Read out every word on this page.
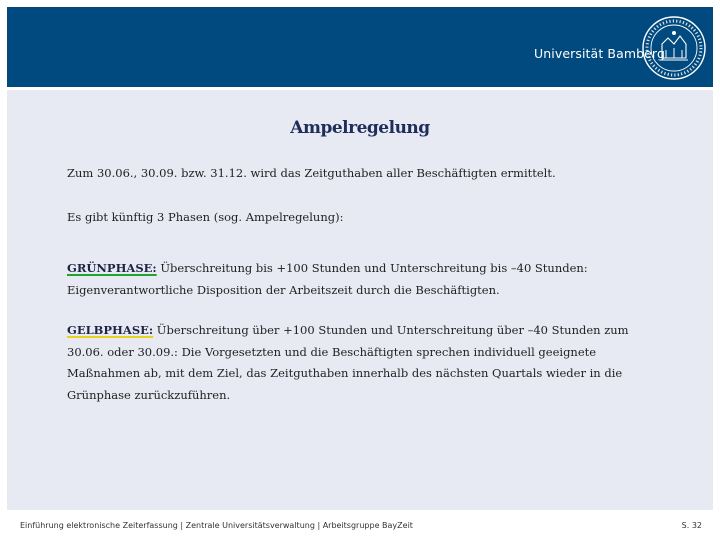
Universität Bamberg
Ampelregelung
Zum 30.06., 30.09. bzw. 31.12. wird das Zeitguthaben aller Beschäftigten ermittelt.
Es gibt künftig 3 Phasen (sog. Ampelregelung):
GRÜNPHASE: Überschreitung bis +100 Stunden und Unterschreitung bis –40 Stunden: Eigenverantwortliche Disposition der Arbeitszeit durch die Beschäftigten.
GELBPHASE: Überschreitung über +100 Stunden und Unterschreitung über –40 Stunden zum 30.06. oder 30.09.: Die Vorgesetzten und die Beschäftigten sprechen individuell geeignete Maßnahmen ab, mit dem Ziel, das Zeitguthaben innerhalb des nächsten Quartals wieder in die Grünphase zurückzuführen.
Einführung elektronische Zeiterfassung | Zentrale Universitätsverwaltung | Arbeitsgruppe BayZeit	S. 32
